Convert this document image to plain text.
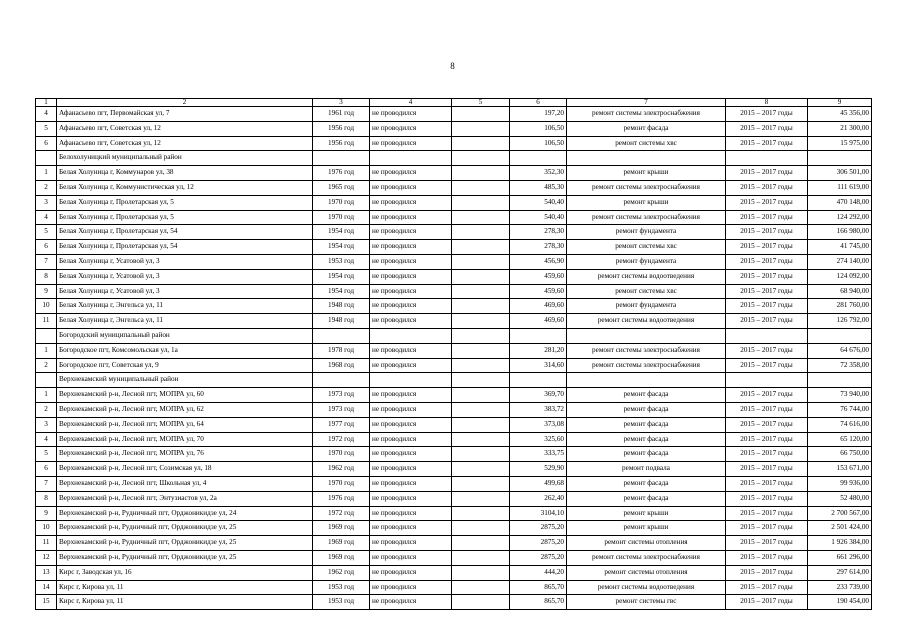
8
1	2	3	4	5	6	7	8	9
4	Афанасьево пгт, Первомайская ул, 7	1961 год	не проводился		197,20	ремонт системы электроснабжения	2015 – 2017 годы	45 356,00
5	Афанасьево пгт, Советская ул, 12	1956 год	не проводился		106,50	ремонт фасада	2015 – 2017 годы	21 300,00
6	Афанасьево пгт, Советская ул, 12	1956 год	не проводился		106,50	ремонт системы хвс	2015 – 2017 годы	15 975,00
	Белохолуницкий муниципальный район							
1	Белая Холуница г, Коммунаров ул, 38	1976 год	не проводился		352,30	ремонт крыши	2015 – 2017 годы	306 501,00
2	Белая Холуница г, Коммунистическая ул, 12	1965 год	не проводился		485,30	ремонт системы электроснабжения	2015 – 2017 годы	111 619,00
3	Белая Холуница г, Пролетарская ул, 5	1970 год	не проводился		540,40	ремонт крыши	2015 – 2017 годы	470 148,00
4	Белая Холуница г, Пролетарская ул, 5	1970 год	не проводился		540,40	ремонт системы электроснабжения	2015 – 2017 годы	124 292,00
5	Белая Холуница г, Пролетарская ул, 54	1954 год	не проводился		278,30	ремонт фундамента	2015 – 2017 годы	166 980,00
6	Белая Холуница г, Пролетарская ул, 54	1954 год	не проводился		278,30	ремонт системы хвс	2015 – 2017 годы	41 745,00
7	Белая Холуница г, Усатовой ул, 3	1953 год	не проводился		456,90	ремонт фундамента	2015 – 2017 годы	274 140,00
8	Белая Холуница г, Усатовой ул, 3	1954 год	не проводился		459,60	ремонт системы водоотведения	2015 – 2017 годы	124 092,00
9	Белая Холуница г, Усатовой ул, 3	1954 год	не проводился		459,60	ремонт системы хвс	2015 – 2017 годы	68 940,00
10	Белая Холуница г, Энгельса ул, 11	1948 год	не проводился		469,60	ремонт фундамента	2015 – 2017 годы	281 760,00
11	Белая Холуница г, Энгельса ул, 11	1948 год	не проводился		469,60	ремонт системы водоотведения	2015 – 2017 годы	126 792,00
	Богородский муниципальный район							
1	Богородское пгт, Комсомольская ул, 1а	1978 год	не проводился		281,20	ремонт системы электроснабжения	2015 – 2017 годы	64 676,00
2	Богородское пгт, Советская ул, 9	1968 год	не проводился		314,60	ремонт системы электроснабжения	2015 – 2017 годы	72 358,00
	Верхнекамский муниципальный район							
1	Верхнекамский р-н, Лесной пгт, МОПРА ул, 60	1973 год	не проводился		369,70	ремонт фасада	2015 – 2017 годы	73 940,00
2	Верхнекамский р-н, Лесной пгт, МОПРА ул, 62	1973 год	не проводился		383,72	ремонт фасада	2015 – 2017 годы	76 744,00
3	Верхнекамский р-н, Лесной пгт, МОПРА ул, 64	1977 год	не проводился		373,08	ремонт фасада	2015 – 2017 годы	74 616,00
4	Верхнекамский р-н, Лесной пгт, МОПРА ул, 70	1972 год	не проводился		325,60	ремонт фасада	2015 – 2017 годы	65 120,00
5	Верхнекамский р-н, Лесной пгт, МОПРА ул, 76	1970 год	не проводился		333,75	ремонт фасада	2015 – 2017 годы	66 750,00
6	Верхнекамский р-н, Лесной пгт, Созимская ул, 18	1962 год	не проводился		529,90	ремонт подвала	2015 – 2017 годы	153 671,00
7	Верхнекамский р-н, Лесной пгт, Школьная ул, 4	1970 год	не проводился		499,68	ремонт фасада	2015 – 2017 годы	99 936,00
8	Верхнекамский р-н, Лесной пгт, Энтузиастов ул, 2а	1976 год	не проводился		262,40	ремонт фасада	2015 – 2017 годы	52 480,00
9	Верхнекамский р-н, Рудничный пгт, Орджоникидзе ул, 24	1972 год	не проводился		3104,10	ремонт крыши	2015 – 2017 годы	2 700 567,00
10	Верхнекамский р-н, Рудничный пгт, Орджоникидзе ул, 25	1969 год	не проводился		2875,20	ремонт крыши	2015 – 2017 годы	2 501 424,00
11	Верхнекамский р-н, Рудничный пгт, Орджоникидзе ул, 25	1969 год	не проводился		2875,20	ремонт системы отопления	2015 – 2017 годы	1 926 384,00
12	Верхнекамский р-н, Рудничный пгт, Орджоникидзе ул, 25	1969 год	не проводился		2875,20	ремонт системы электроснабжения	2015 – 2017 годы	661 296,00
13	Кирс г, Заводская ул, 16	1962 год	не проводился		444,20	ремонт системы отопления	2015 – 2017 годы	297 614,00
14	Кирс г, Кирова ул, 11	1953 год	не проводился		865,70	ремонт системы водоотведения	2015 – 2017 годы	233 739,00
15	Кирс г, Кирова ул, 11	1953 год	не проводился		865,70	ремонт системы гвс	2015 – 2017 годы	190 454,00
